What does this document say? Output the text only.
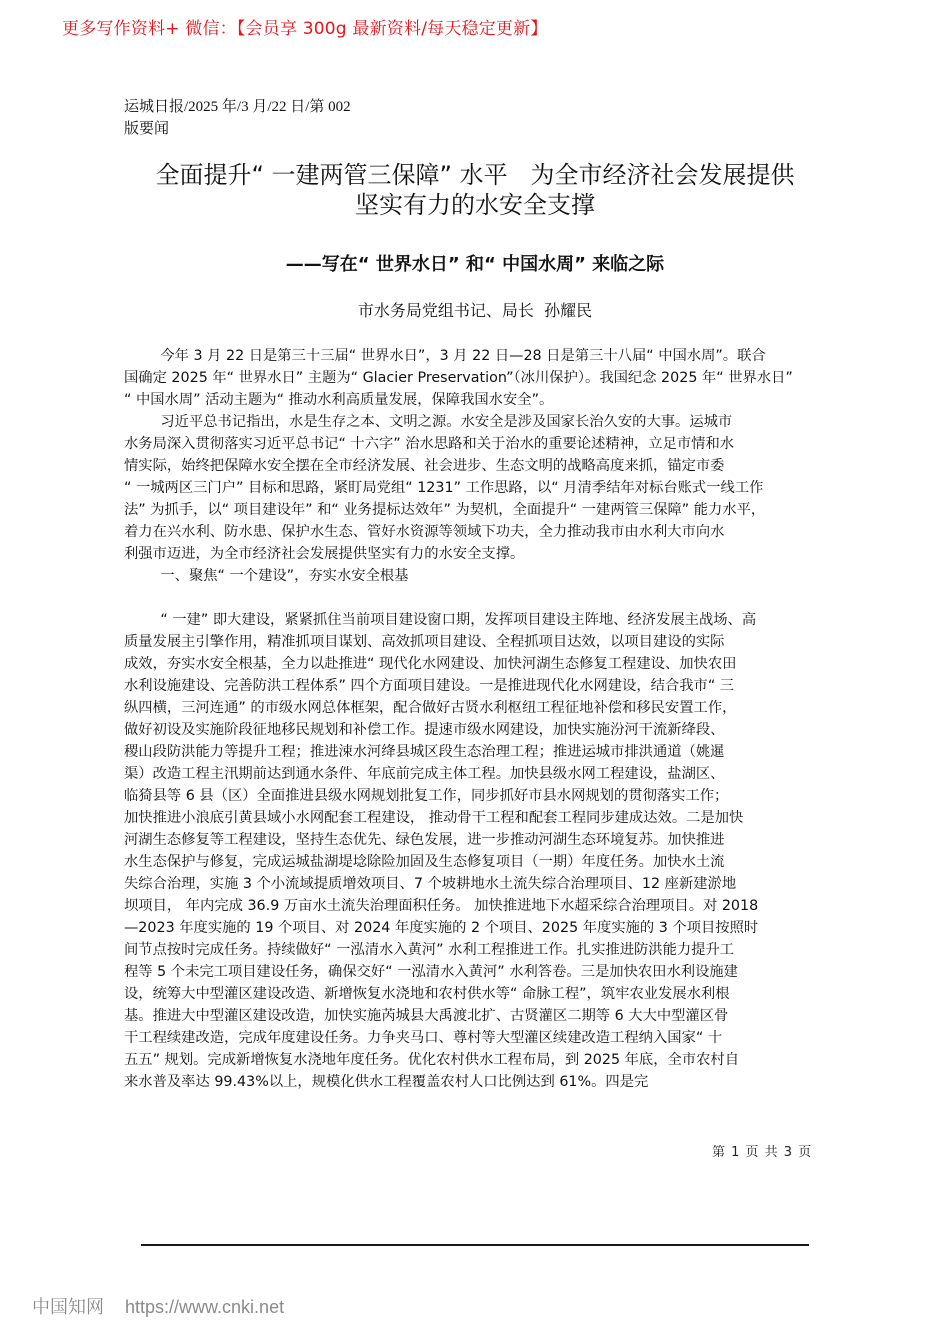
更多写作资料+ 微信：【会员享 300g 最新资料/每天稳定更新】
运城日报/2025 年/3 月/22 日/第 002
版要闻
全面提升“ 一建两管三保障” 水平   为全市经济社会发展提供
坚实有力的水安全支撑
——写在“ 世界水日” 和“ 中国水周” 来临之际
市水务局党组书记、局长  孙耀民
今年 3 月 22 日是第三十三届“ 世界水日”，3 月 22 日—28 日是第三十八届“ 中国水周”。联合
国确定 2025 年“ 世界水日” 主题为“ Glacier Preservation”（冰川保护）。我国纪念 2025 年“ 世界水日”
“ 中国水周” 活动主题为“ 推动水利高质量发展，保障我国水安全”。
习近平总书记指出，水是生存之本、文明之源。水安全是涉及国家长治久安的大事。运城市
水务局深入贯彻落实习近平总书记“ 十六字” 治水思路和关于治水的重要论述精神，立足市情和水
情实际，始终把保障水安全摆在全市经济发展、社会进步、生态文明的战略高度来抓，锚定市委
“ 一城两区三门户” 目标和思路，紧盯局党组“ 1231” 工作思路，以“ 月清季结年对标台账式一线工作
法” 为抓手，以“ 项目建设年” 和“ 业务提标达效年” 为契机，全面提升“ 一建两管三保障” 能力水平，
着力在兴水利、防水患、保护水生态、管好水资源等领域下功夫，全力推动我市由水利大市向水
利强市迈进，为全市经济社会发展提供坚实有力的水安全支撑。
一、聚焦“ 一个建设”，夯实水安全根基
“ 一建” 即大建设，紧紧抓住当前项目建设窗口期，发挥项目建设主阵地、经济发展主战场、高
质量发展主引擎作用，精准抓项目谋划、高效抓项目建设、全程抓项目达效，以项目建设的实际
成效，夯实水安全根基，全力以赴推进“ 现代化水网建设、加快河湖生态修复工程建设、加快农田
水利设施建设、完善防洪工程体系” 四个方面项目建设。一是推进现代化水网建设，结合我市“ 三
纵四横，三河连通” 的市级水网总体框架，配合做好古贤水利枢纽工程征地补偿和移民安置工作，
做好初设及实施阶段征地移民规划和补偿工作。提速市级水网建设，加快实施汾河干流新绛段、
稷山段防洪能力等提升工程；推进涑水河绛县城区段生态治理工程；推进运城市排洪通道（姚暹
渠）改造工程主汛期前达到通水条件、年底前完成主体工程。加快县级水网工程建设，盐湖区、
临猗县等 6 县（区）全面推进县级水网规划批复工作，同步抓好市县水网规划的贯彻落实工作；
加快推进小浪底引黄县域小水网配套工程建设， 推动骨干工程和配套工程同步建成达效。二是加快
河湖生态修复等工程建设，坚持生态优先、绿色发展，进一步推动河湖生态环境复苏。加快推进
水生态保护与修复，完成运城盐湖堤埝除险加固及生态修复项目（一期）年度任务。加快水土流
失综合治理，实施 3 个小流域提质增效项目、7 个坡耕地水土流失综合治理项目、12 座新建淤地
坝项目， 年内完成 36.9 万亩水土流失治理面积任务。 加快推进地下水超采综合治理项目。对 2018
—2023 年度实施的 19 个项目、对 2024 年度实施的 2 个项目、2025 年度实施的 3 个项目按照时
间节点按时完成任务。持续做好“ 一泓清水入黄河” 水利工程推进工作。扎实推进防洪能力提升工
程等 5 个未完工项目建设任务，确保交好“ 一泓清水入黄河” 水利答卷。三是加快农田水利设施建
设，统筹大中型灌区建设改造、新增恢复水浇地和农村供水等“ 命脉工程”，筑牢农业发展水利根
基。推进大中型灌区建设改造，加快实施芮城县大禹渡北扩、古贤灌区二期等 6 大大中型灌区骨
干工程续建改造，完成年度建设任务。力争夹马口、尊村等大型灌区续建改造工程纳入国家“ 十
五五” 规划。完成新增恢复水浇地年度任务。优化农村供水工程布局，到 2025 年底，全市农村自
来水普及率达 99.43%以上，规模化供水工程覆盖农村人口比例达到 61%。四是完
第 1 页 共 3 页
中国知网 https://www.cnki.net
